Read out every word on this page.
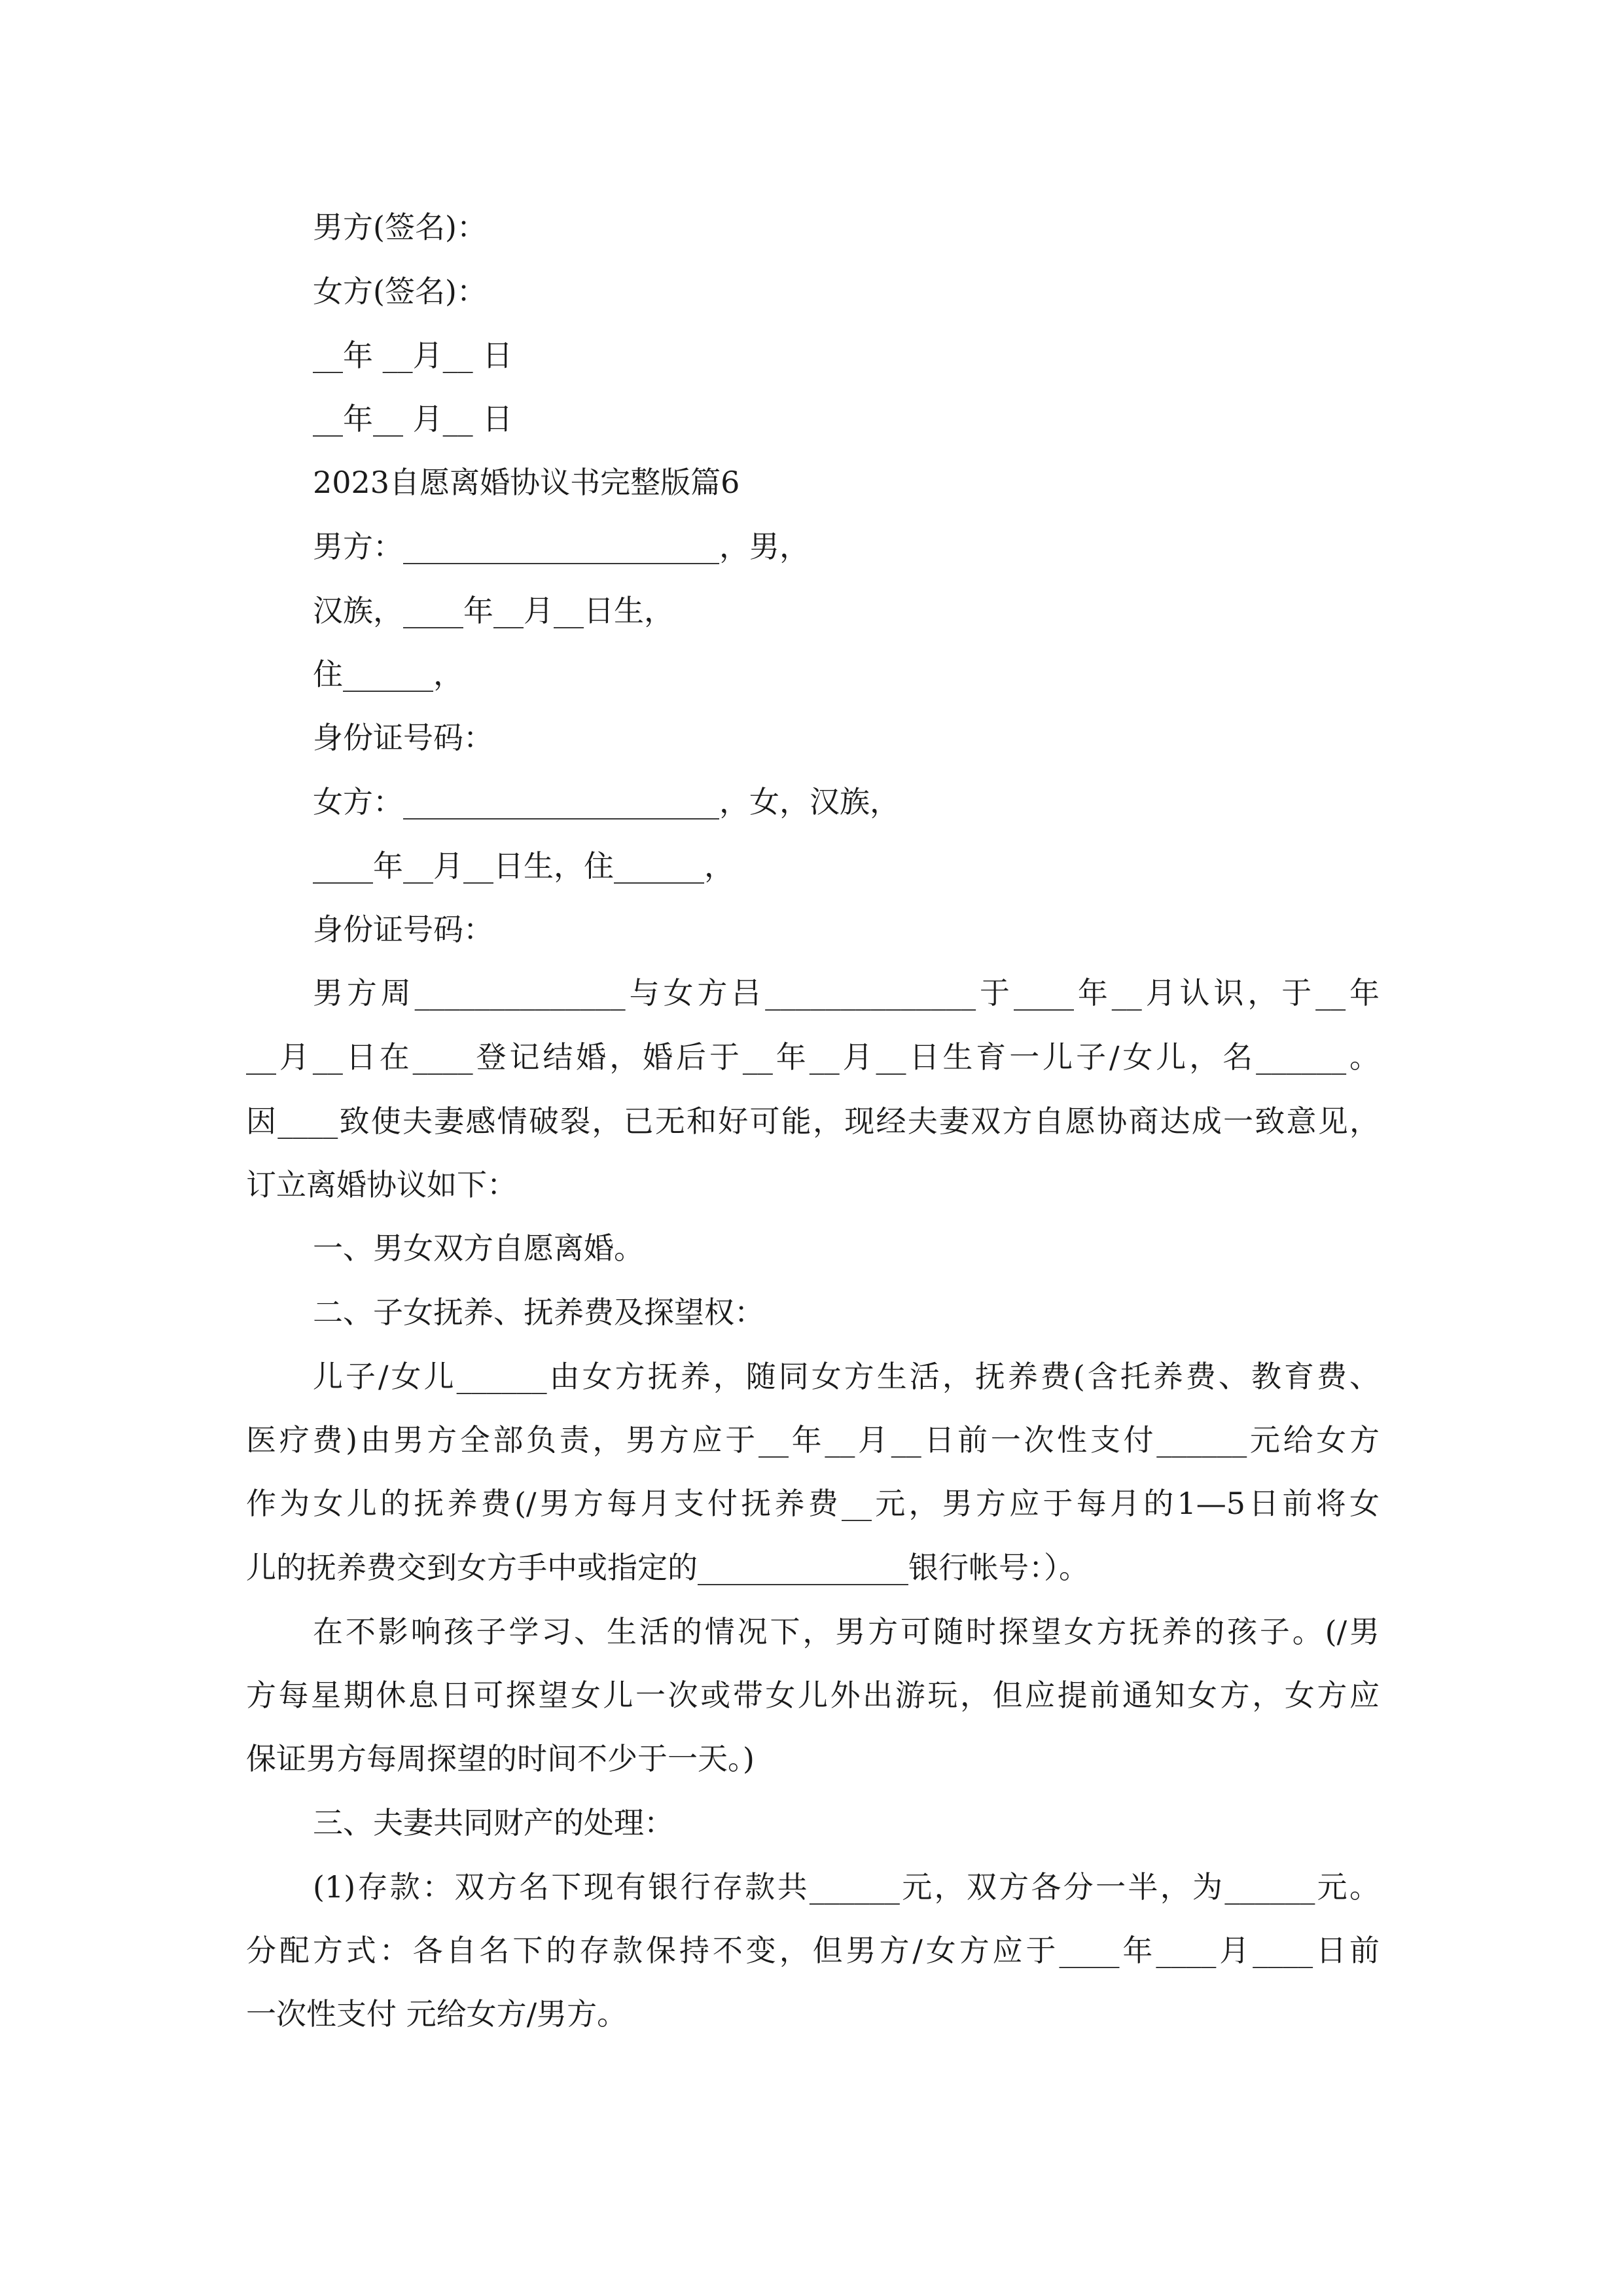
男方(签名)：

女方(签名)：

__年 __月__ 日

__年__ 月__ 日

2023自愿离婚协议书完整版篇6

男方：_____________________，男，

汉族，____年__月__日生，

住______，

身份证号码：

女方：_____________________，女，汉族，

____年__月__日生，住______，

身份证号码：

男方周______________与女方吕______________于____年__月认识，于__年

__月__日在____登记结婚，婚后于__年__月__日生育一儿子/女儿，名______。

因____致使夫妻感情破裂，已无和好可能，现经夫妻双方自愿协商达成一致意见，

订立离婚协议如下：

一、男女双方自愿离婚。

二、子女抚养、抚养费及探望权：

儿子/女儿______由女方抚养，随同女方生活，抚养费(含托养费、教育费、

医疗费)由男方全部负责，男方应于__年__月__日前一次性支付______元给女方

作为女儿的抚养费(/男方每月支付抚养费__元，男方应于每月的1—5日前将女

儿的抚养费交到女方手中或指定的______________银行帐号：）。

在不影响孩子学习、生活的情况下，男方可随时探望女方抚养的孩子。(/男

方每星期休息日可探望女儿一次或带女儿外出游玩，但应提前通知女方，女方应

保证男方每周探望的时间不少于一天。)

三、夫妻共同财产的处理：

(1)存款：双方名下现有银行存款共______元，双方各分一半，为______元。

分配方式：各自名下的存款保持不变，但男方/女方应于____年____月____日前

一次性支付 元给女方/男方。
